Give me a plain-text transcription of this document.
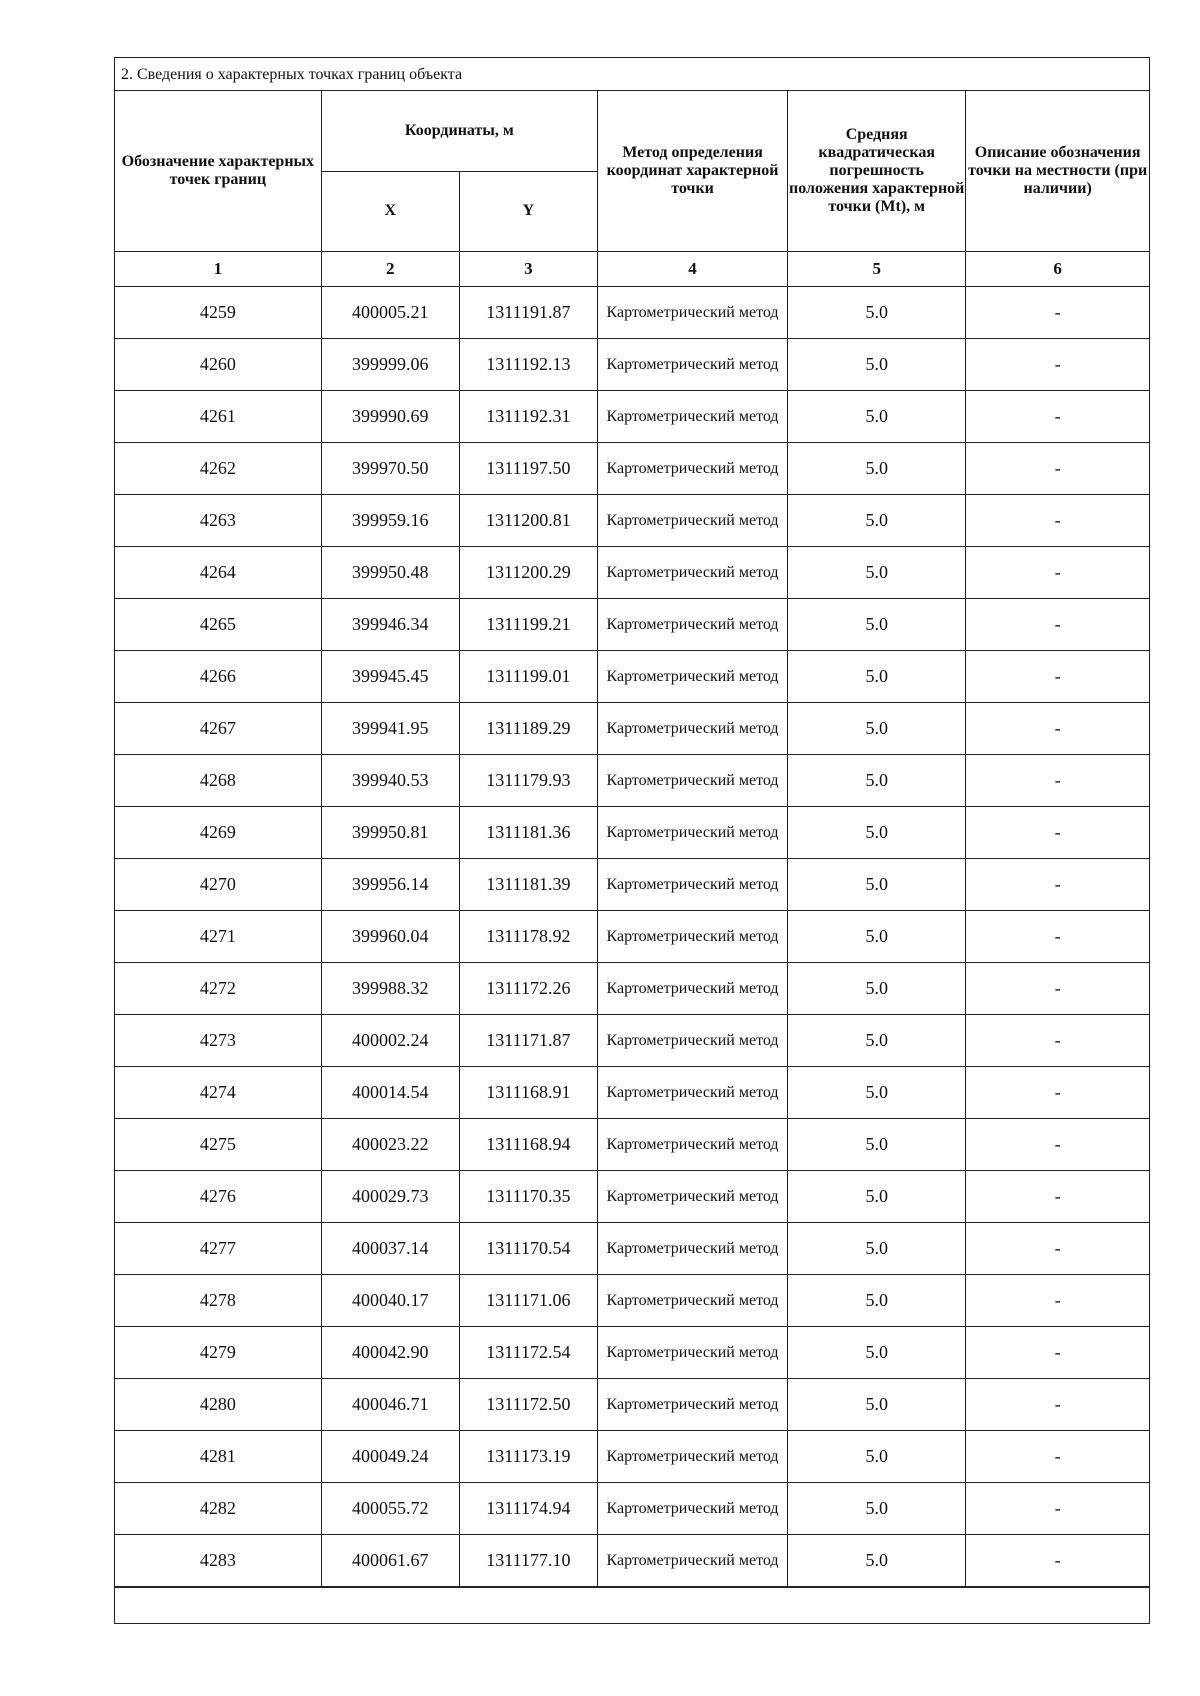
2. Сведения о характерных точках границ объекта
Обозначение характерных точек границ	Координаты, м		Метод определения координат характерной точки	Средняя квадратическая погрешность положения характерной точки (Mt), м	Описание обозначения точки на местности (при наличии)
	X	Y			
1	2	3	4	5	6
4259	400005.21	1311191.87	Картометрический метод	5.0	-
4260	399999.06	1311192.13	Картометрический метод	5.0	-
4261	399990.69	1311192.31	Картометрический метод	5.0	-
4262	399970.50	1311197.50	Картометрический метод	5.0	-
4263	399959.16	1311200.81	Картометрический метод	5.0	-
4264	399950.48	1311200.29	Картометрический метод	5.0	-
4265	399946.34	1311199.21	Картометрический метод	5.0	-
4266	399945.45	1311199.01	Картометрический метод	5.0	-
4267	399941.95	1311189.29	Картометрический метод	5.0	-
4268	399940.53	1311179.93	Картометрический метод	5.0	-
4269	399950.81	1311181.36	Картометрический метод	5.0	-
4270	399956.14	1311181.39	Картометрический метод	5.0	-
4271	399960.04	1311178.92	Картометрический метод	5.0	-
4272	399988.32	1311172.26	Картометрический метод	5.0	-
4273	400002.24	1311171.87	Картометрический метод	5.0	-
4274	400014.54	1311168.91	Картометрический метод	5.0	-
4275	400023.22	1311168.94	Картометрический метод	5.0	-
4276	400029.73	1311170.35	Картометрический метод	5.0	-
4277	400037.14	1311170.54	Картометрический метод	5.0	-
4278	400040.17	1311171.06	Картометрический метод	5.0	-
4279	400042.90	1311172.54	Картометрический метод	5.0	-
4280	400046.71	1311172.50	Картометрический метод	5.0	-
4281	400049.24	1311173.19	Картометрический метод	5.0	-
4282	400055.72	1311174.94	Картометрический метод	5.0	-
4283	400061.67	1311177.10	Картометрический метод	5.0	-
